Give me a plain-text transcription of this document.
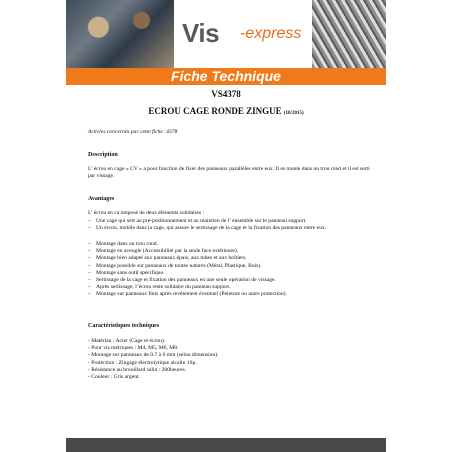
Vis -express
Fiche Technique
VS4378
ECROU CAGE RONDE ZINGUE (10/2015)
Articles concernés par cette fiche :4378
Description
L’ écrou en cage « CV » a pour fonction de fixer des panneaux parallèles entre eux. Il se monte dans un trou rond et il est serti par vissage.
Avantages
L’ écrou en ca omposé de deux éléments solidaires :
– Une cage qui sert au pré-positionnement et au maintien de l’ ensemble sur le panneau support.
– Un écrou, mobile dans la cage, qui assure le sertissage de la cage et la fixation des panneaux entre eux.
– Montage dans un trou rond.
– Montage en aveugle (Accessibilité par la seule face extérieure).
– Montage bien adapté aux panneaux épais, aux tubes et aux boîtiers.
– Montage possible sur panneaux de toutes natures (Métal, Plastique, Bois).
– Montage sans outil spécifique.
– Sertissage de la cage et fixation des panneaux en une seule opération de vissage.
– Après sertissage, l’écrou reste solidaire du panneau support.
– Montage sur panneaux finis après revêtement éventuel (Peinture ou autre protection).
Caractéristiques techniques
- Matériau : Acier (Cage et écrou).
- Pour vis métriques : M4, M5, M6, M8.
- Montage sur panneaux de 0.7 à 6 mm (selon dimension).
- Protection : Zingage électrolytique alcalin 10µ.
- Résistance au brouillard salin : 200heures.
- Couleur : Gris argent.
